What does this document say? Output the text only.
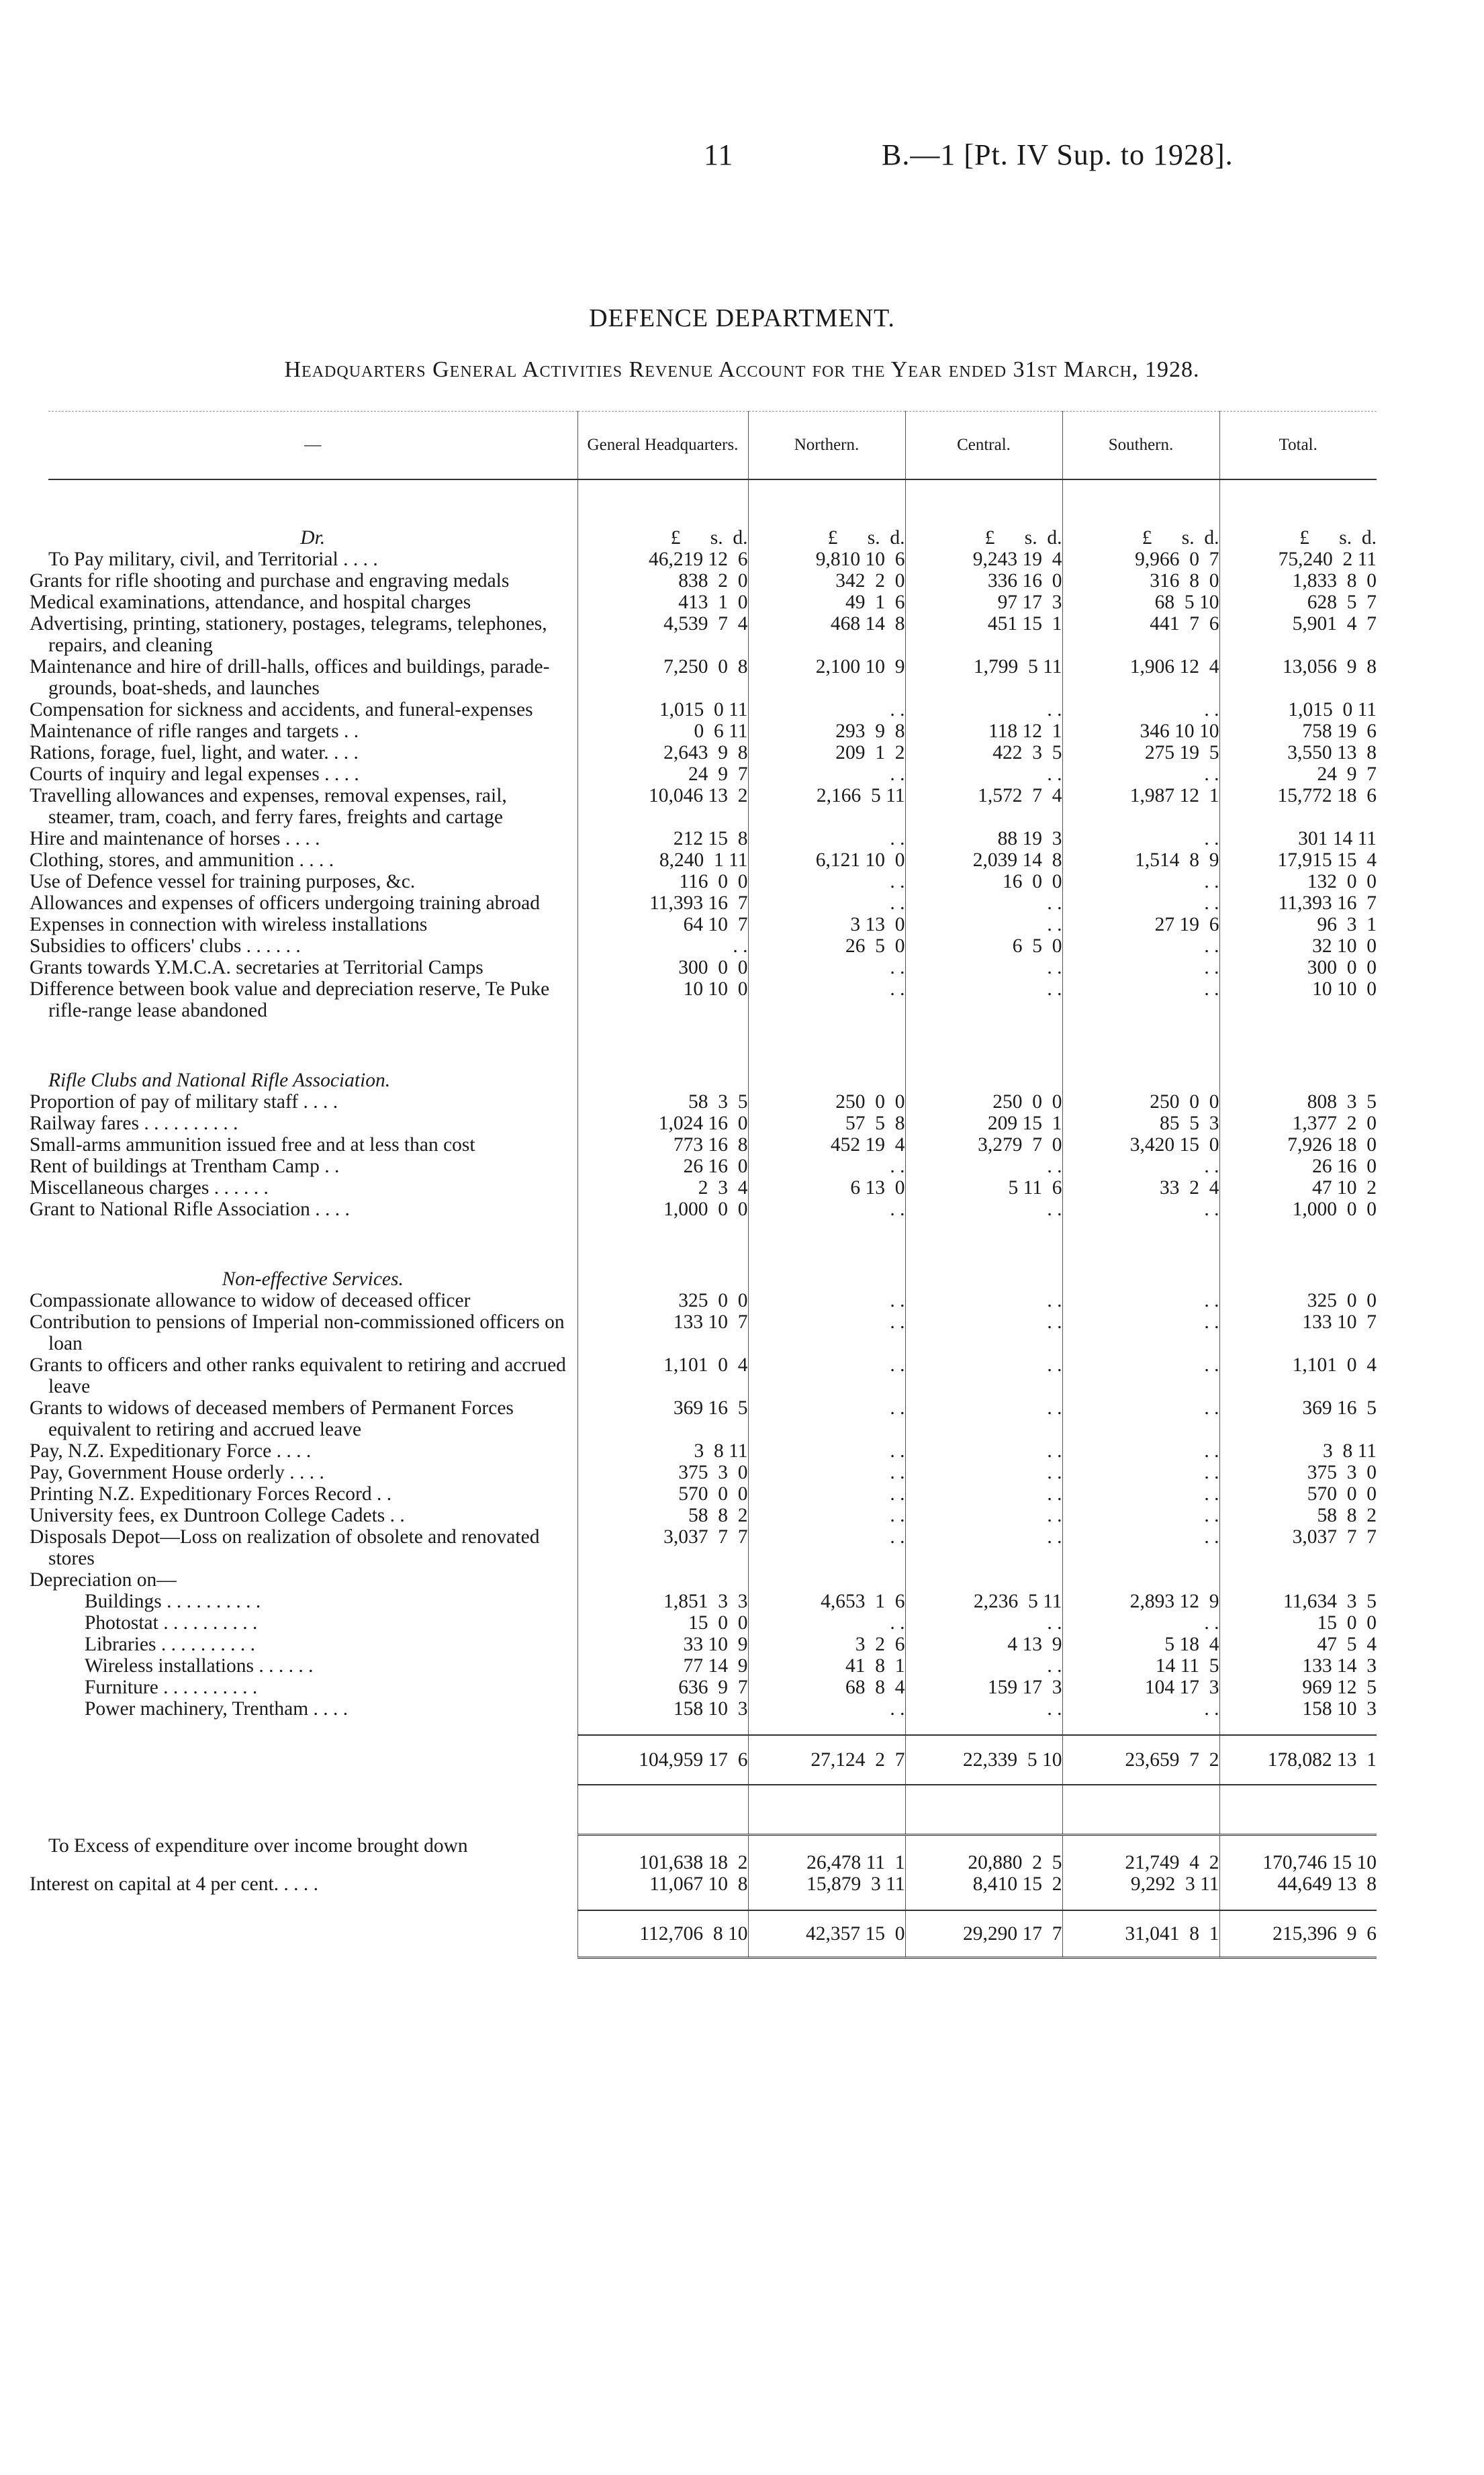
11	B.—1 [Pt. IV Sup. to 1928].
DEFENCE DEPARTMENT.
Headquarters General Activities Revenue Account for the Year ended 31st March, 1928.
—	General Headquarters.	Northern.	Central.	Southern.	Total.
Dr.	£      s.  d.	£      s.  d.	£      s.  d.	£      s.  d.	£      s.  d.
To Pay military, civil, and Territorial . . . .	46,219 12  6	9,810 10  6	9,243 19  4	9,966  0  7	75,240  2 11
Grants for rifle shooting and purchase and engraving medals	838  2  0	342  2  0	336 16  0	316  8  0	1,833  8  0
Medical examinations, attendance, and hospital charges	413  1  0	49  1  6	97 17  3	68  5 10	628  5  7
Advertising, printing, stationery, postages, telegrams, telephones, repairs, and cleaning	4,539  7  4	468 14  8	451 15  1	441  7  6	5,901  4  7
Maintenance and hire of drill-halls, offices and buildings, parade-grounds, boat-sheds, and launches	7,250  0  8	2,100 10  9	1,799  5 11	1,906 12  4	13,056  9  8
Compensation for sickness and accidents, and funeral-expenses	1,015  0 11	. .	. .	. .	1,015  0 11
Maintenance of rifle ranges and targets . .	0  6 11	293  9  8	118 12  1	346 10 10	758 19  6
Rations, forage, fuel, light, and water. . . .	2,643  9  8	209  1  2	422  3  5	275 19  5	3,550 13  8
Courts of inquiry and legal expenses . . . .	24  9  7	. .	. .	. .	24  9  7
Travelling allowances and expenses, removal expenses, rail, steamer, tram, coach, and ferry fares, freights and cartage	10,046 13  2	2,166  5 11	1,572  7  4	1,987 12  1	15,772 18  6
Hire and maintenance of horses . . . .	212 15  8	. .	88 19  3	. .	301 14 11
Clothing, stores, and ammunition . . . .	8,240  1 11	6,121 10  0	2,039 14  8	1,514  8  9	17,915 15  4
Use of Defence vessel for training purposes, &c.	116  0  0	. .	16  0  0	. .	132  0  0
Allowances and expenses of officers undergoing training abroad	11,393 16  7	. .	. .	. .	11,393 16  7
Expenses in connection with wireless installations	64 10  7	3 13  0	. .	27 19  6	96  3  1
Subsidies to officers' clubs . . . . . .	. .	26  5  0	6  5  0	. .	32 10  0
Grants towards Y.M.C.A. secretaries at Territorial Camps	300  0  0	. .	. .	. .	300  0  0
Difference between book value and depreciation reserve, Te Puke rifle-range lease abandoned	10 10  0	. .	. .	. .	10 10  0

Rifle Clubs and National Rifle Association.					
Proportion of pay of military staff . . . .	58  3  5	250  0  0	250  0  0	250  0  0	808  3  5
Railway fares . . . . . . . . . .	1,024 16  0	57  5  8	209 15  1	85  5  3	1,377  2  0
Small-arms ammunition issued free and at less than cost	773 16  8	452 19  4	3,279  7  0	3,420 15  0	7,926 18  0
Rent of buildings at Trentham Camp . .	26 16  0	. .	. .	. .	26 16  0
Miscellaneous charges . . . . . .	2  3  4	6 13  0	5 11  6	33  2  4	47 10  2
Grant to National Rifle Association . . . .	1,000  0  0	. .	. .	. .	1,000  0  0

Non-effective Services.					
Compassionate allowance to widow of deceased officer	325  0  0	. .	. .	. .	325  0  0
Contribution to pensions of Imperial non-commissioned officers on loan	133 10  7	. .	. .	. .	133 10  7
Grants to officers and other ranks equivalent to retiring and accrued leave	1,101  0  4	. .	. .	. .	1,101  0  4
Grants to widows of deceased members of Permanent Forces equivalent to retiring and accrued leave	369 16  5	. .	. .	. .	369 16  5
Pay, N.Z. Expeditionary Force . . . .	3  8 11	. .	. .	. .	3  8 11
Pay, Government House orderly . . . .	375  3  0	. .	. .	. .	375  3  0
Printing N.Z. Expeditionary Forces Record . .	570  0  0	. .	. .	. .	570  0  0
University fees, ex Duntroon College Cadets . .	58  8  2	. .	. .	. .	58  8  2
Disposals Depot—Loss on realization of obsolete and renovated stores	3,037  7  7	. .	. .	. .	3,037  7  7
Depreciation on—					
Buildings . . . . . . . . . .	1,851  3  3	4,653  1  6	2,236  5 11	2,893 12  9	11,634  3  5
Photostat . . . . . . . . . .	15  0  0	. .	. .	. .	15  0  0
Libraries . . . . . . . . . .	33 10  9	3  2  6	4 13  9	5 18  4	47  5  4
Wireless installations . . . . . .	77 14  9	41  8  1	. .	14 11  5	133 14  3
Furniture . . . . . . . . . .	636  9  7	68  8  4	159 17  3	104 17  3	969 12  5
Power machinery, Trentham . . . .	158 10  3	. .	. .	. .	158 10  3

	104,959 17  6	27,124  2  7	22,339  5 10	23,659  7  2	178,082 13  1

To Excess of expenditure over income brought down	101,638 18  2	26,478 11  1	20,880  2  5	21,749  4  2	170,746 15 10
Interest on capital at 4 per cent. . . . .	11,067 10  8	15,879  3 11	8,410 15  2	9,292  3 11	44,649 13  8

	112,706  8 10	42,357 15  0	29,290 17  7	31,041  8  1	215,396  9  6
